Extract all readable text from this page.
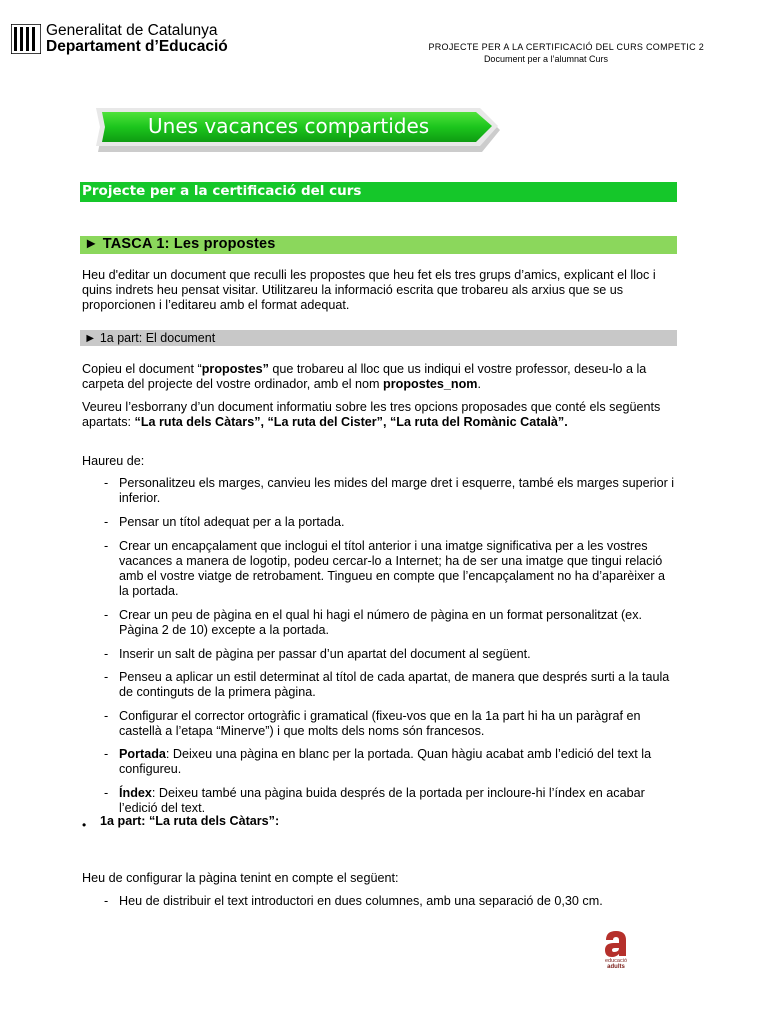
Generalitat de Catalunya
Departament d’Educació	PROJECTE PER A LA CERTIFICACIÓ DEL CURS COMPETIC 2
Document per a l’alumnat Curs
Unes vacances compartides
Projecte per a la certificació del curs
► TASCA 1: Les propostes
Heu d'editar un document que reculli les propostes que heu fet els tres grups d’amics, explicant el lloc i quins indrets heu pensat visitar. Utilitzareu la informació escrita que trobareu als arxius que se us proporcionen i l’editareu amb el format adequat.
► 1a part: El document
Copieu el document “propostes” que trobareu al lloc que us indiqui el vostre professor, deseu-lo a la carpeta del projecte del vostre ordinador, amb el nom propostes_nom.
Veureu l’esborrany d’un document informatiu sobre les tres opcions proposades que conté els següents apartats: “La ruta dels Càtars”, “La ruta del Cister”, “La ruta del Romànic Català”.
Haureu de:
- Personalitzeu els marges, canvieu les mides del marge dret i esquerre, també els marges superior i inferior.
- Pensar un títol adequat per a la portada.
- Crear un encapçalament que inclogui el títol anterior i una imatge significativa per a les vostres vacances a manera de logotip, podeu cercar-lo a Internet; ha de ser una imatge que tingui relació amb el vostre viatge de retrobament. Tingueu en compte que l’encapçalament no ha d’aparèixer a la portada.
- Crear un peu de pàgina en el qual hi hagi el número de pàgina en un format personalitzat (ex. Pàgina 2 de 10) excepte a la portada.
- Inserir un salt de pàgina per passar d’un apartat del document al següent.
- Penseu a aplicar un estil determinat al títol de cada apartat, de manera que després surti a la taula de continguts de la primera pàgina.
- Configurar el corrector ortogràfic i gramatical (fixeu-vos que en la 1a part hi ha un paràgraf en castellà a l’etapa “Minerve”) i que molts dels noms són francesos.
- Portada: Deixeu una pàgina en blanc per la portada. Quan hàgiu acabat amb l’edició del text la configureu.
- Índex: Deixeu també una pàgina buida després de la portada per incloure-hi l’índex en acabar l’edició del text.
• 1a part: “La ruta dels Càtars”:
Heu de configurar la pàgina tenint en compte el següent:
- Heu de distribuir el text introductori en dues columnes, amb una separació de 0,30 cm.
educació
adults
